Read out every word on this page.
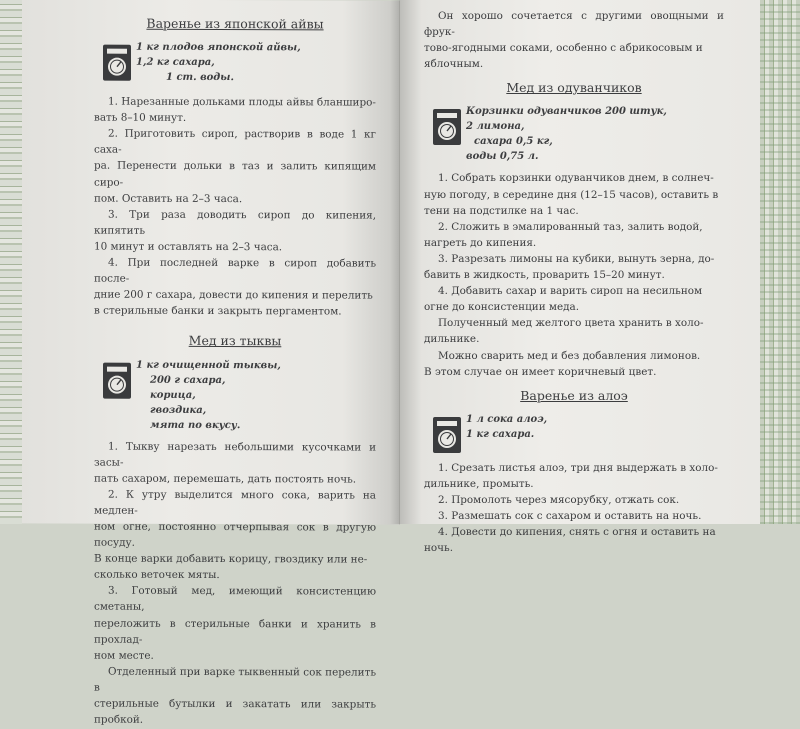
Варенье из японской айвы
1 кг плодов японской айвы,
1,2 кг сахара,
1 ст. воды.

1. Нарезанные дольками плоды айвы бланширо-

вать 8–10 минут.

2. Приготовить сироп, растворив в воде 1 кг caxa-

pa. Перенести дольки в таз и залить кипящим сиро-

пом. Оставить на 2–3 часа.

3. Три раза доводить сироп до кипения, кипятить

10 минут и оставлять на 2–3 часа.

4. При последней варке в сироп добавить после-

дние 200 г сахара, довести до кипения и перелить

в стерильные банки и закрыть пергаментом.

Мед из тыквы
1 кг очищенной тыквы,
200 г сахара,
корица,
гвоздика,
мята по вкусу.

1. Тыкву нарезать небольшими кусочками и засы-

пать сахаром, перемешать, дать постоять ночь.

2. К утру выделится много сока, варить на медлен-

ном огне, постоянно отчерпывая сок в другую посуду.

В конце варки добавить корицу, гвоздику или не-

сколько веточек мяты.

3. Готовый мед, имеющий консистенцию сметаны,

переложить в стерильные банки и хранить в прохлад-

ном месте.

Отделенный при варке тыквенный сок перелить в

стерильные бутылки и закатать или закрыть пробкой.

Он хорошо сочетается с другими овощными и фрук-

тово-ягодными соками, особенно с абрикосовым и

яблочным.

Мед из одуванчиков
Корзинки одуванчиков 200 штук,
2 лимона,
сахара 0,5 кг,
воды 0,75 л.

1. Собрать корзинки одуванчиков днем, в солнеч-

ную погоду, в середине дня (12–15 часов), оставить в

тени на подстилке на 1 час.

2. Сложить в эмалированный таз, залить водой,

нагреть до кипения.

3. Разрезать лимоны на кубики, вынуть зерна, до-

бавить в жидкость, проварить 15–20 минут.

4. Добавить сахар и варить сироп на несильном

огне до консистенции меда.

Полученный мед желтого цвета хранить в холо-

дильнике.

Можно сварить мед и без добавления лимонов.

В этом случае он имеет коричневый цвет.

Варенье из алоэ
1 л сока алоэ,
1 кг сахара.

1. Срезать листья алоэ, три дня выдержать в холо-

дильнике, промыть.

2. Промолоть через мясорубку, отжать сок.

3. Размешать сок с сахаром и оставить на ночь.

4. Довести до кипения, снять с огня и оставить на

ночь.
